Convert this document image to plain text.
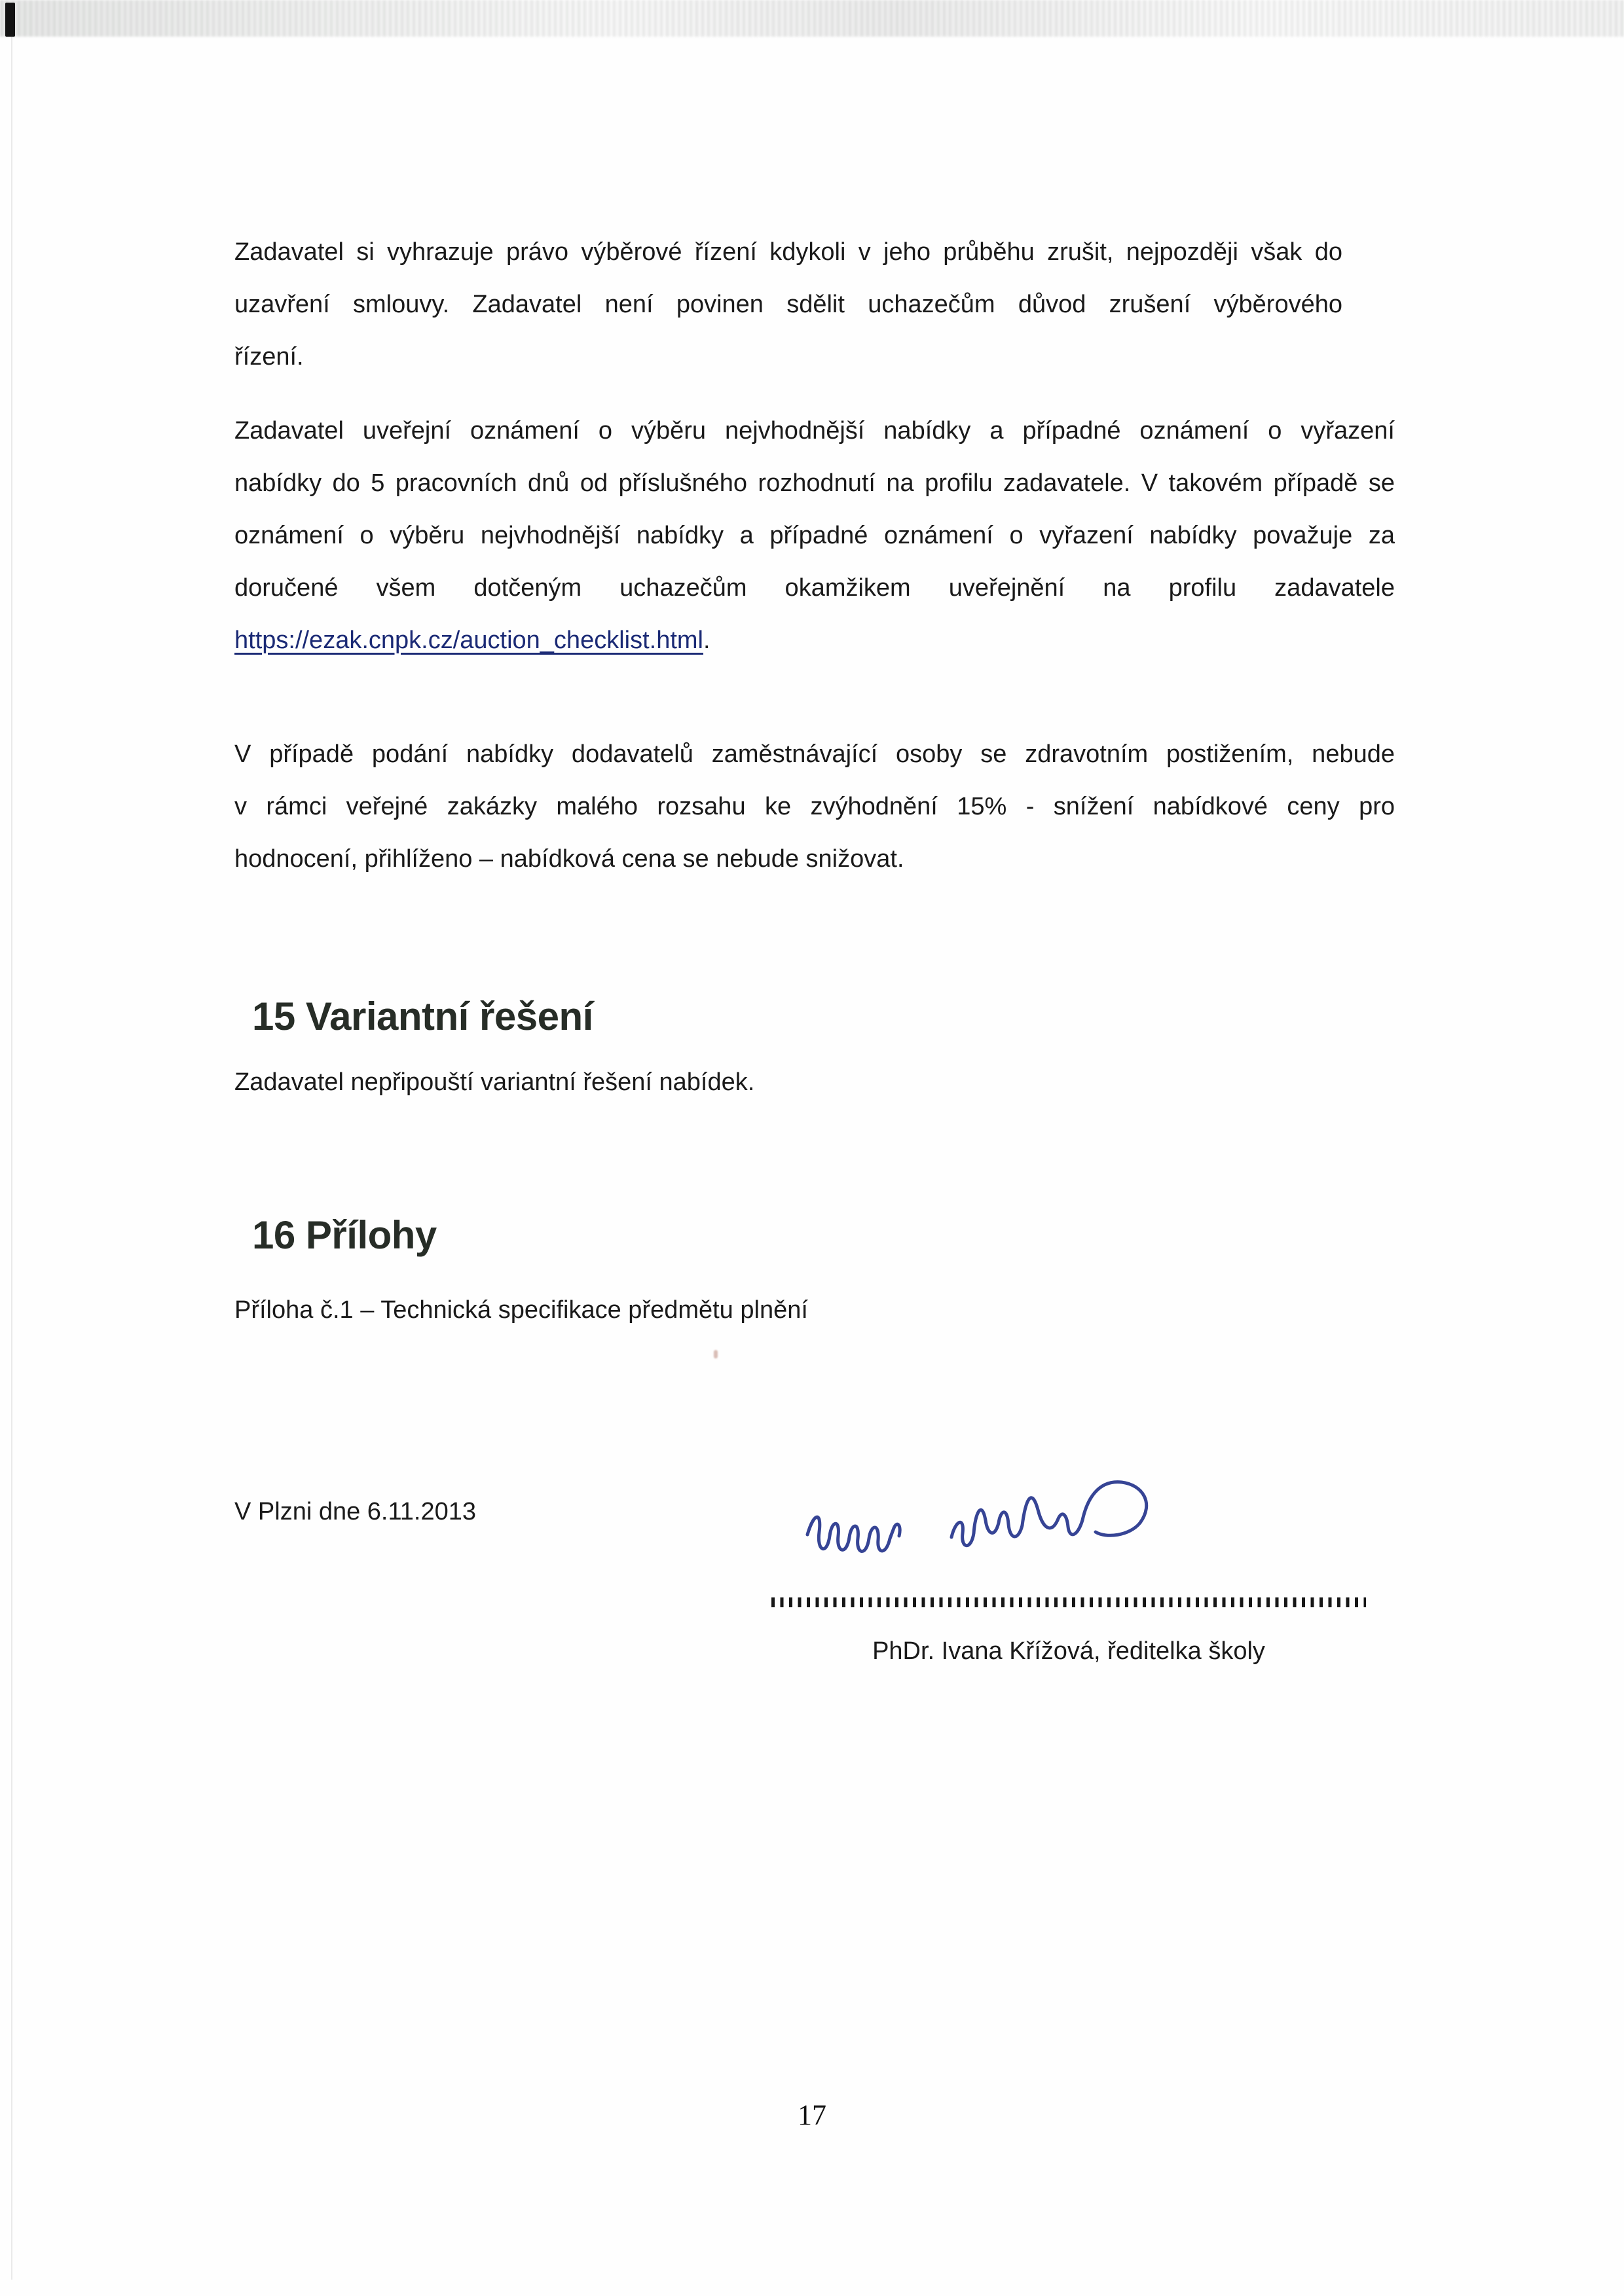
Zadavatel si vyhrazuje právo výběrové řízení kdykoli v jeho průběhu zrušit, nejpozději však do
uzavření smlouvy. Zadavatel není povinen sdělit uchazečům důvod zrušení výběrového
řízení.
Zadavatel uveřejní oznámení o výběru nejvhodnější nabídky a případné oznámení o vyřazení
nabídky do 5 pracovních dnů od příslušného rozhodnutí na profilu zadavatele. V takovém případě se
oznámení o výběru nejvhodnější nabídky a případné oznámení o vyřazení nabídky považuje za
doručené všem dotčeným uchazečům okamžikem uveřejnění na profilu zadavatele
https://ezak.cnpk.cz/auction_checklist.html.
V případě podání nabídky dodavatelů zaměstnávající osoby se zdravotním postižením, nebude
v rámci veřejné zakázky malého rozsahu ke zvýhodnění 15% - snížení nabídkové ceny pro
hodnocení, přihlíženo – nabídková cena se nebude snižovat.
15 Variantní řešení
Zadavatel nepřipouští variantní řešení nabídek.
16 Přílohy
Příloha č.1 – Technická specifikace předmětu plnění
V Plzni dne 6.11.2013
PhDr. Ivana Křížová, ředitelka školy
17
